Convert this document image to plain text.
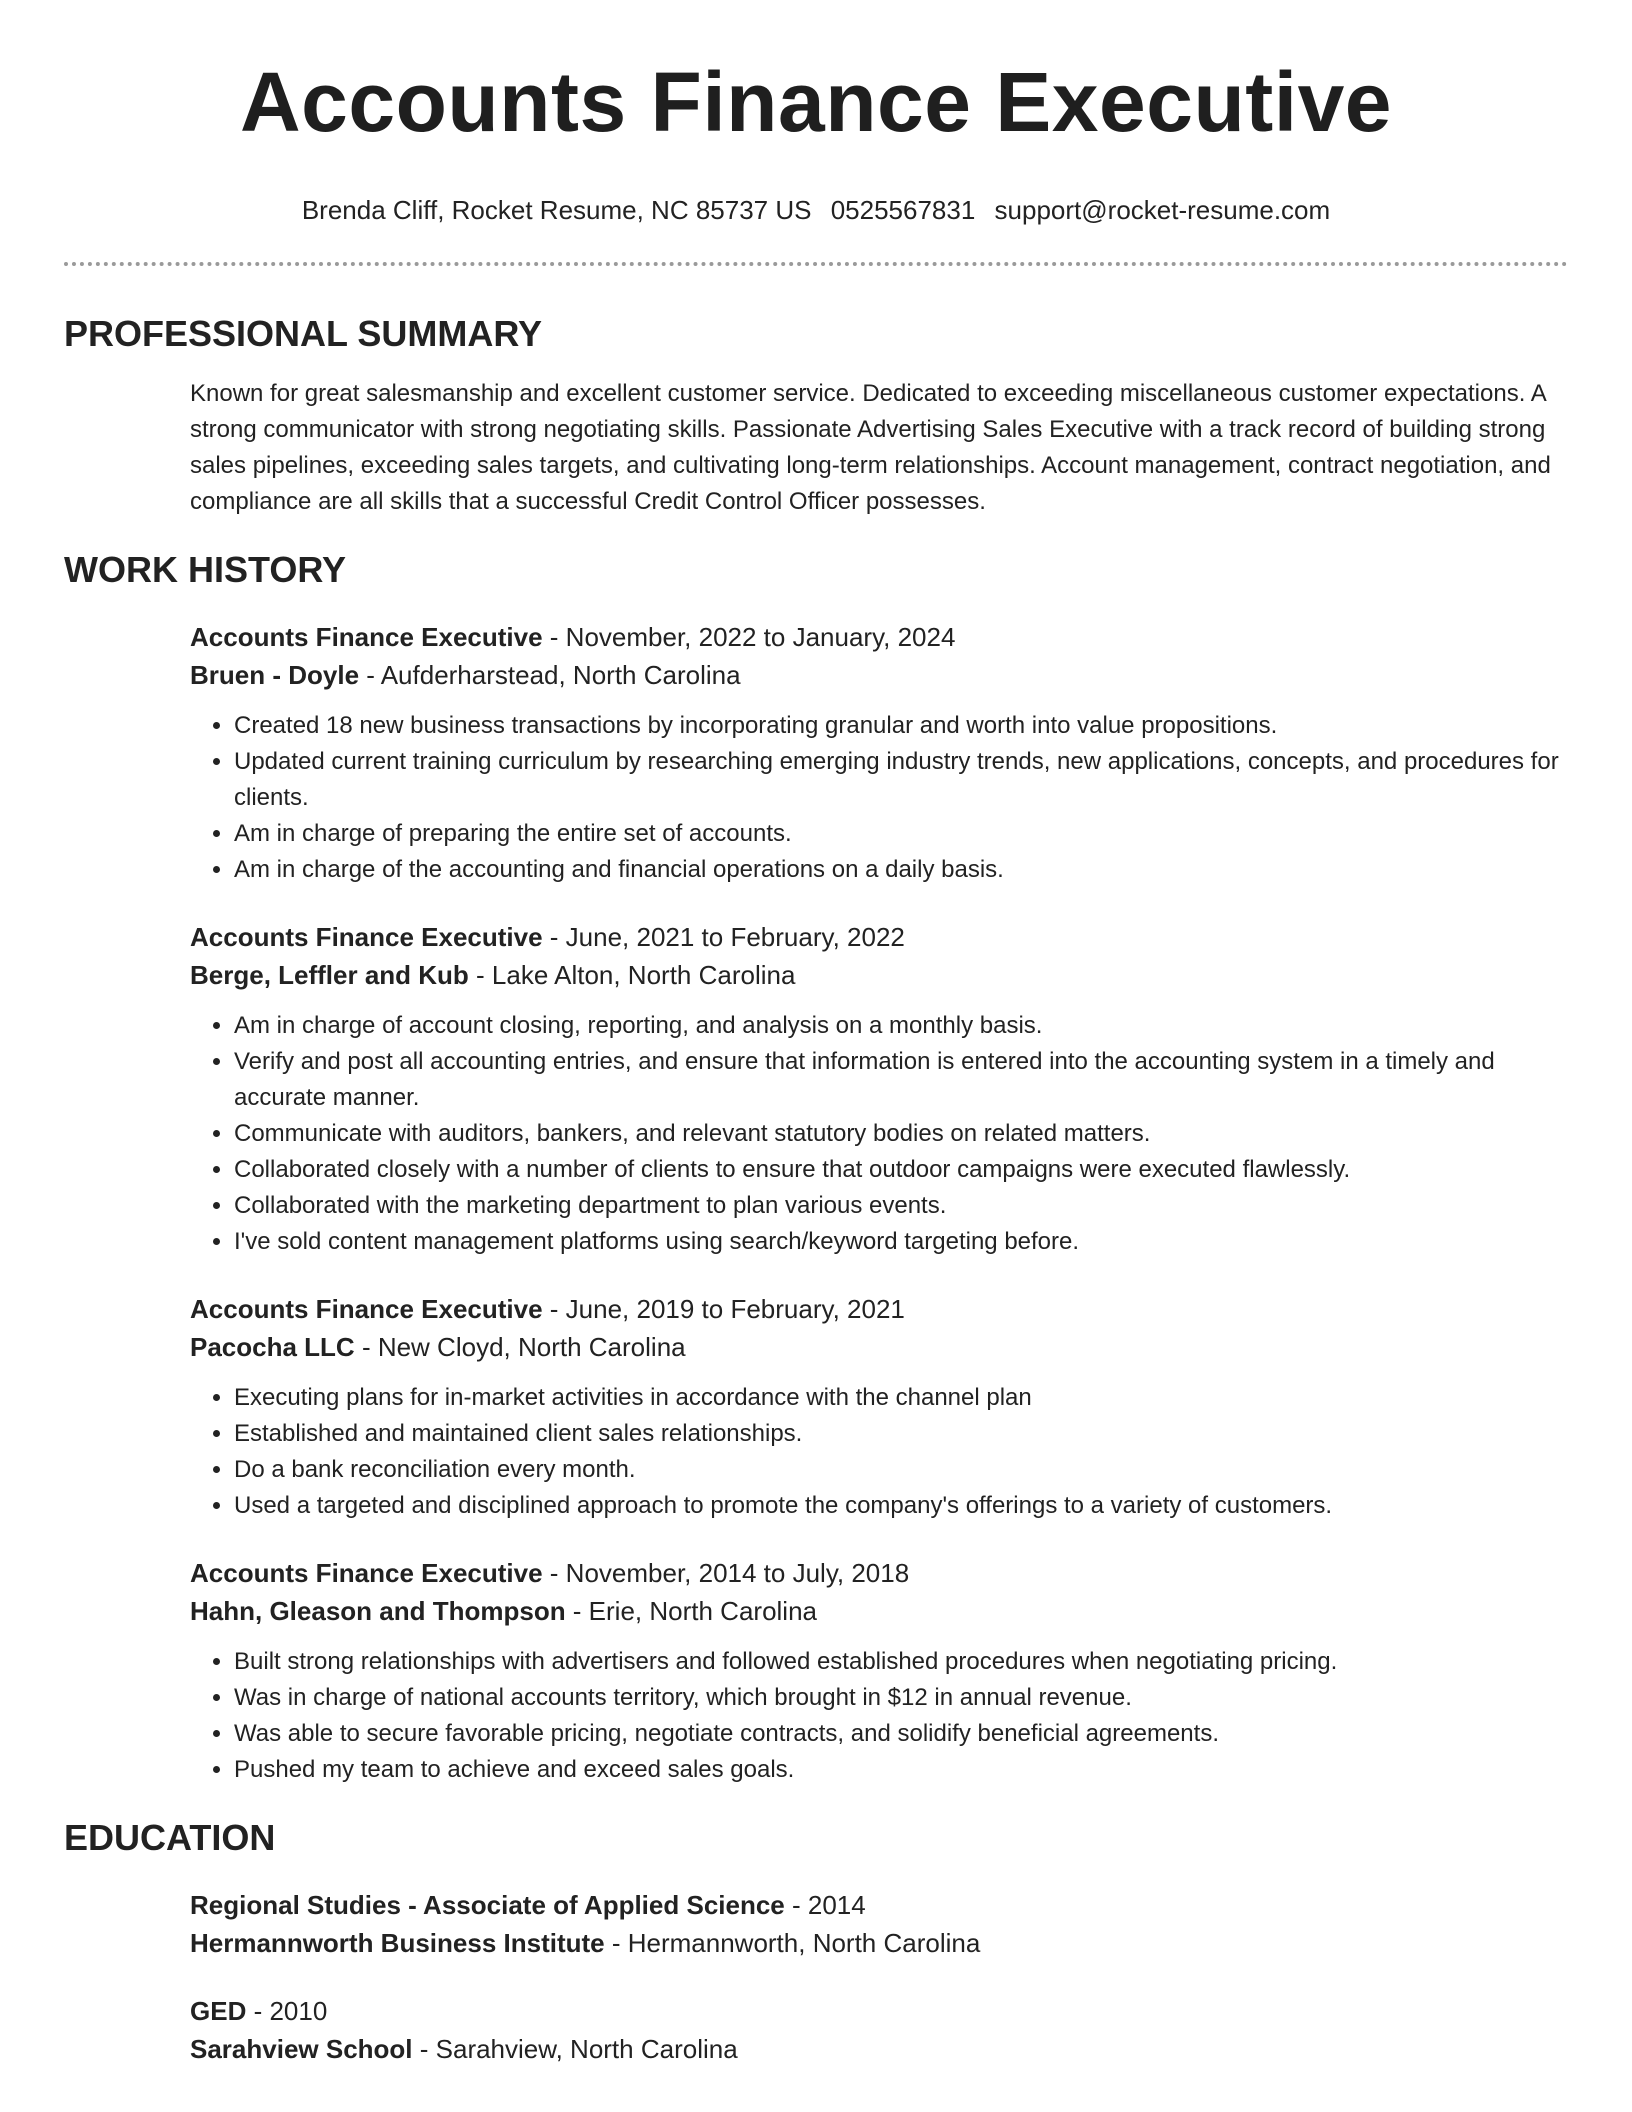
Accounts Finance Executive
Brenda Cliff, Rocket Resume, NC 85737 US 0525567831 support@rocket-resume.com
PROFESSIONAL SUMMARY

Known for great salesmanship and excellent customer service. Dedicated to exceeding miscellaneous customer expectations. A strong communicator with strong negotiating skills. Passionate Advertising Sales Executive with a track record of building strong sales pipelines, exceeding sales targets, and cultivating long-term relationships. Account management, contract negotiation, and compliance are all skills that a successful Credit Control Officer possesses.

WORK HISTORY
Accounts Finance Executive - November, 2022 to January, 2024
Bruen - Doyle - Aufderharstead, North Carolina
• Created 18 new business transactions by incorporating granular and worth into value propositions.
• Updated current training curriculum by researching emerging industry trends, new applications, concepts, and procedures for clients.
• Am in charge of preparing the entire set of accounts.
• Am in charge of the accounting and financial operations on a daily basis.
Accounts Finance Executive - June, 2021 to February, 2022
Berge, Leffler and Kub - Lake Alton, North Carolina
• Am in charge of account closing, reporting, and analysis on a monthly basis.
• Verify and post all accounting entries, and ensure that information is entered into the accounting system in a timely and accurate manner.
• Communicate with auditors, bankers, and relevant statutory bodies on related matters.
• Collaborated closely with a number of clients to ensure that outdoor campaigns were executed flawlessly.
• Collaborated with the marketing department to plan various events.
• I've sold content management platforms using search/keyword targeting before.
Accounts Finance Executive - June, 2019 to February, 2021
Pacocha LLC - New Cloyd, North Carolina
• Executing plans for in-market activities in accordance with the channel plan
• Established and maintained client sales relationships.
• Do a bank reconciliation every month.
• Used a targeted and disciplined approach to promote the company's offerings to a variety of customers.
Accounts Finance Executive - November, 2014 to July, 2018
Hahn, Gleason and Thompson - Erie, North Carolina
• Built strong relationships with advertisers and followed established procedures when negotiating pricing.
• Was in charge of national accounts territory, which brought in $12 in annual revenue.
• Was able to secure favorable pricing, negotiate contracts, and solidify beneficial agreements.
• Pushed my team to achieve and exceed sales goals.
EDUCATION
Regional Studies - Associate of Applied Science - 2014
Hermannworth Business Institute - Hermannworth, North Carolina
GED - 2010
Sarahview School - Sarahview, North Carolina
